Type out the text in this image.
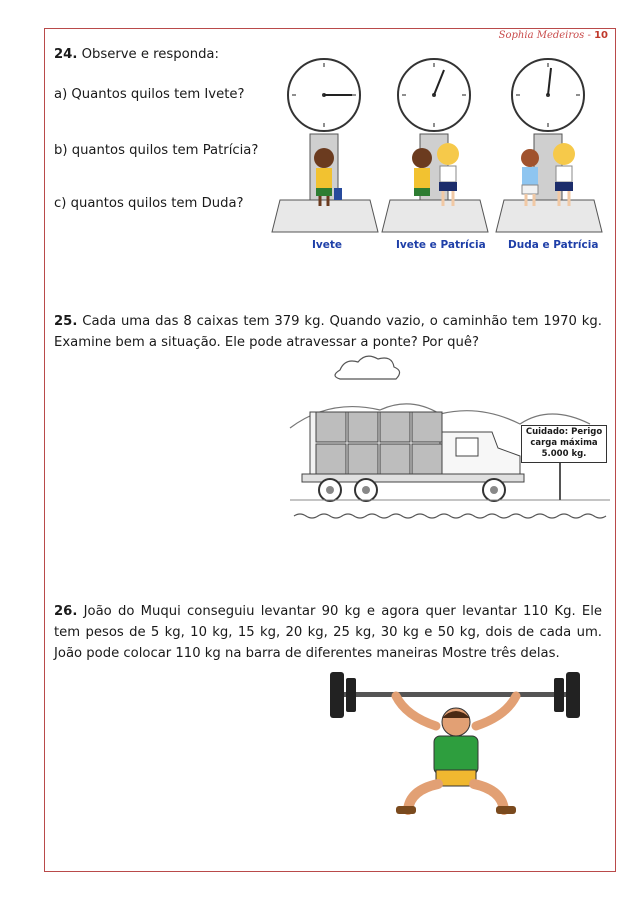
Sophia Medeiros - 10
24. Observe e responda:
a) Quantos quilos tem Ivete?
b) quantos quilos tem Patrícia?
c) quantos quilos tem Duda?
Ivete	Ivete e Patrícia Duda e Patrícia
25. Cada uma das 8 caixas tem 379 kg. Quando vazio, o caminhão tem 1970 kg. Examine bem a situação. Ele pode atravessar a ponte? Por quê?
Cuidado: Perigo
carga máxima
5.000 kg.
26. João do Muqui conseguiu levantar 90 kg e agora quer levantar 110 Kg. Ele tem pesos de 5 kg, 10 kg, 15 kg, 20 kg, 25 kg, 30 kg e 50 kg, dois de cada um. João pode colocar 110 kg na barra de diferentes maneiras Mostre três delas.
